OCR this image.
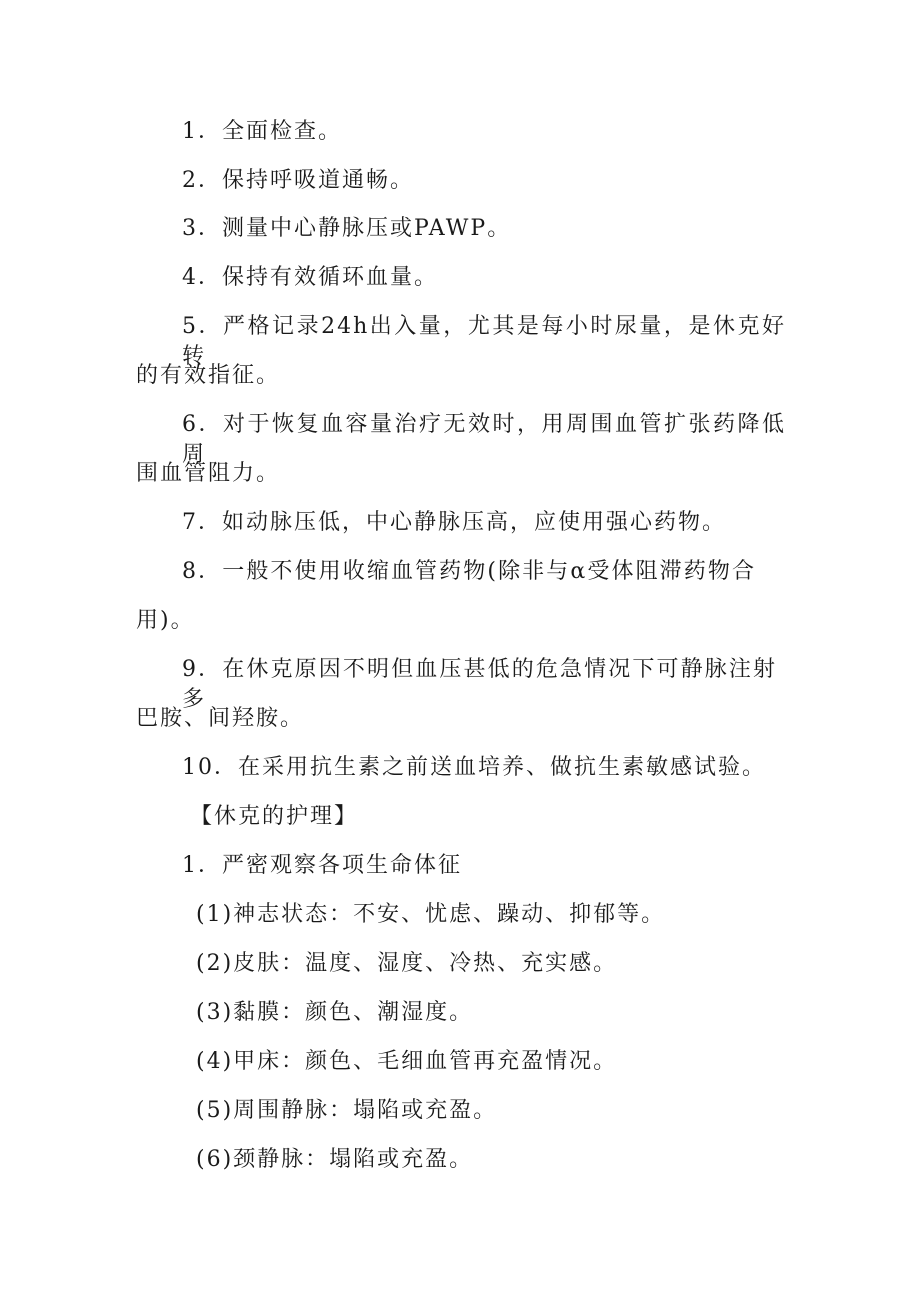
1．全面检查。

2．保持呼吸道通畅。

3．测量中心静脉压或PAWP。

4．保持有效循环血量。

5．严格记录24h出入量，尤其是每小时尿量，是休克好转

的有效指征。

6．对于恢复血容量治疗无效时，用周围血管扩张药降低周

围血管阻力。

7．如动脉压低，中心静脉压高，应使用强心药物。

8．一般不使用收缩血管药物(除非与α受体阻滞药物合

用)。

9．在休克原因不明但血压甚低的危急情况下可静脉注射多

巴胺、间羟胺。

10．在采用抗生素之前送血培养、做抗生素敏感试验。

【休克的护理】

1．严密观察各项生命体征

(1)神志状态：不安、忧虑、躁动、抑郁等。

(2)皮肤：温度、湿度、冷热、充实感。

(3)黏膜：颜色、潮湿度。

(4)甲床：颜色、毛细血管再充盈情况。

(5)周围静脉：塌陷或充盈。

(6)颈静脉：塌陷或充盈。
